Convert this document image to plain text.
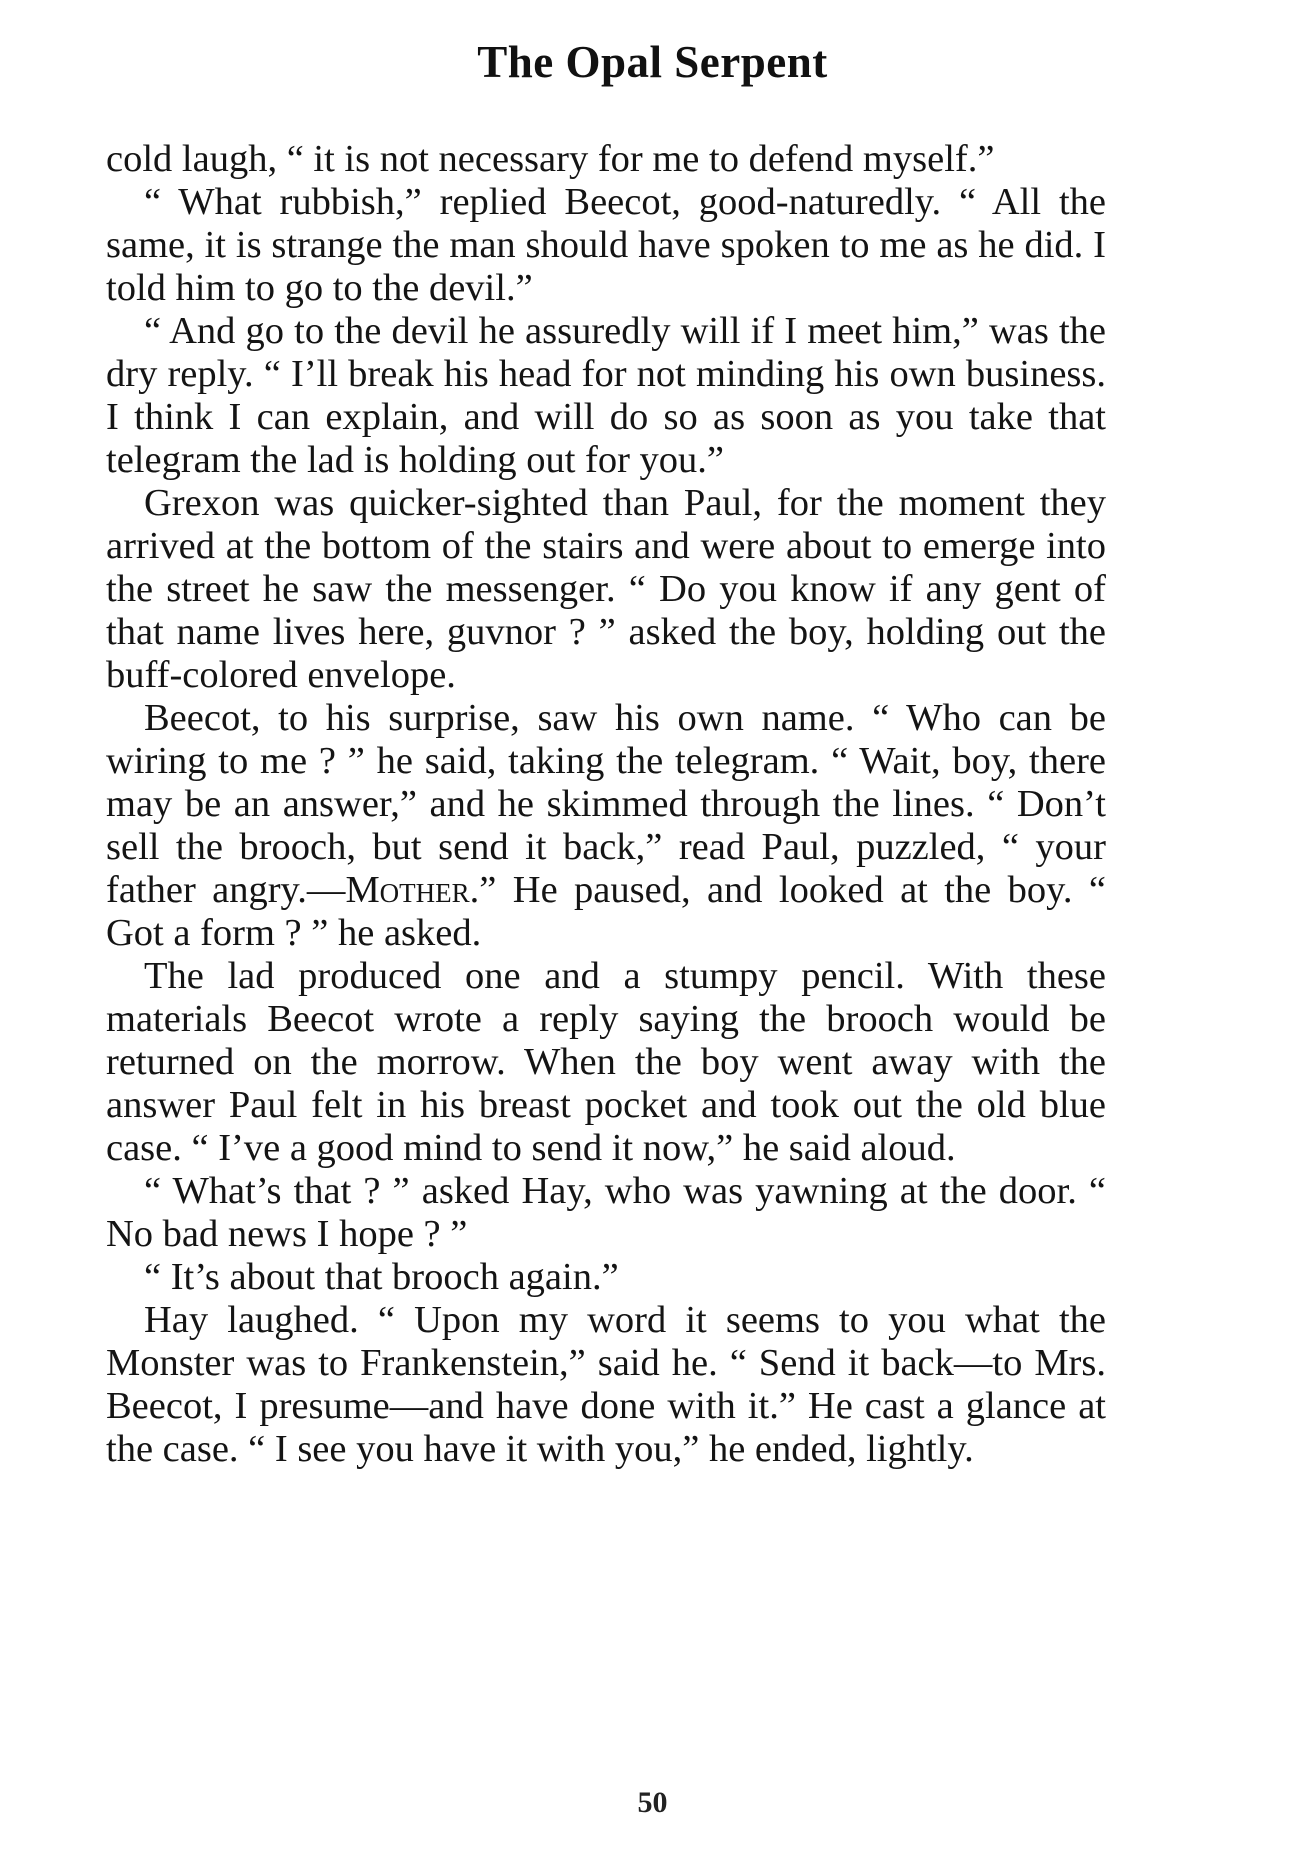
The Opal Serpent

cold laugh, “ it is not necessary for me to defend myself.”

“ What rubbish,” replied Beecot, good-naturedly. “ All the same, it is strange the man should have spoken to me as he did. I told him to go to the devil.”

“ And go to the devil he assuredly will if I meet him,” was the dry reply. “ I’ll break his head for not minding his own business. I think I can explain, and will do so as soon as you take that telegram the lad is holding out for you.”

Grexon was quicker-sighted than Paul, for the moment they arrived at the bottom of the stairs and were about to emerge into the street he saw the messenger. “ Do you know if any gent of that name lives here, guvnor ? ” asked the boy, holding out the buff-colored envelope.

Beecot, to his surprise, saw his own name. “ Who can be wiring to me ? ” he said, taking the telegram. “ Wait, boy, there may be an answer,” and he skimmed through the lines. “ Don’t sell the brooch, but send it back,” read Paul, puzzled, “ your father angry.—Mother.” He paused, and looked at the boy. “ Got a form ? ” he asked.

The lad produced one and a stumpy pencil. With these materials Beecot wrote a reply saying the brooch would be returned on the morrow. When the boy went away with the answer Paul felt in his breast pocket and took out the old blue case. “ I’ve a good mind to send it now,” he said aloud.

“ What’s that ? ” asked Hay, who was yawning at the door. “ No bad news I hope ? ”

“ It’s about that brooch again.”

Hay laughed. “ Upon my word it seems to you what the Monster was to Frankenstein,” said he. “ Send it back—to Mrs. Beecot, I presume—and have done with it.” He cast a glance at the case. “ I see you have it with you,” he ended, lightly.

50
